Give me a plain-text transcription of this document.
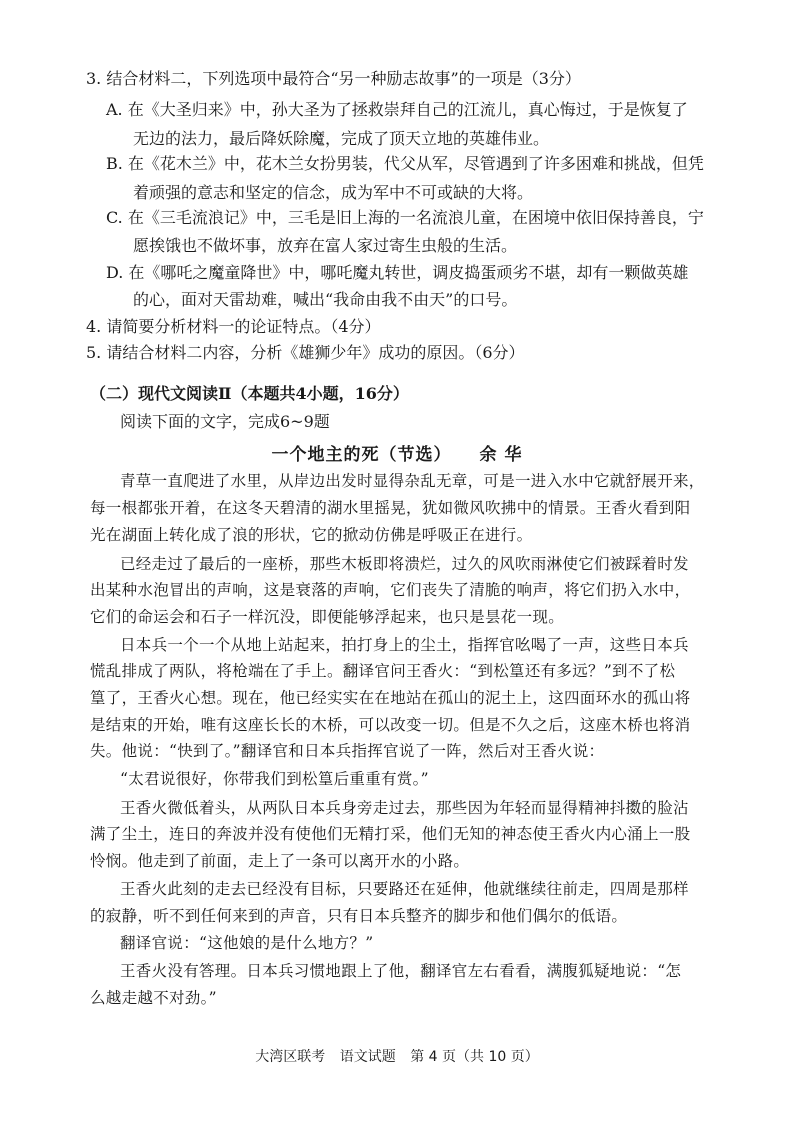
3. 结合材料二，下列选项中最符合“另一种励志故事”的一项是（3分）
A. 在《大圣归来》中，孙大圣为了拯救崇拜自己的江流儿，真心悔过，于是恢复了
无边的法力，最后降妖除魔，完成了顶天立地的英雄伟业。
B. 在《花木兰》中，花木兰女扮男装，代父从军，尽管遇到了许多困难和挑战，但凭
着顽强的意志和坚定的信念，成为军中不可或缺的大将。
C. 在《三毛流浪记》中，三毛是旧上海的一名流浪儿童，在困境中依旧保持善良，宁
愿挨饿也不做坏事，放弃在富人家过寄生虫般的生活。
D. 在《哪吒之魔童降世》中，哪吒魔丸转世，调皮捣蛋顽劣不堪，却有一颗做英雄
的心，面对天雷劫难，喊出“我命由我不由天”的口号。
4. 请简要分析材料一的论证特点。（4分）
5. 请结合材料二内容，分析《雄狮少年》成功的原因。（6分）
（二）现代文阅读Ⅱ（本题共4小题，16分）
阅读下面的文字，完成6~9题
一个地主的死（节选） 余 华
青草一直爬进了水里，从岸边出发时显得杂乱无章，可是一进入水中它就舒展开来，
每一根都张开着，在这冬天碧清的湖水里摇晃，犹如微风吹拂中的情景。王香火看到阳
光在湖面上转化成了浪的形状，它的掀动仿佛是呼吸正在进行。
已经走过了最后的一座桥，那些木板即将溃烂，过久的风吹雨淋使它们被踩着时发
出某种水泡冒出的声响，这是衰落的声响，它们丧失了清脆的响声，将它们扔入水中，
它们的命运会和石子一样沉没，即便能够浮起来，也只是昙花一现。
日本兵一个一个从地上站起来，拍打身上的尘土，指挥官吆喝了一声，这些日本兵
慌乱排成了两队，将枪端在了手上。翻译官问王香火：“到松篁还有多远？”到不了松
篁了，王香火心想。现在，他已经实实在在地站在孤山的泥土上，这四面环水的孤山将
是结束的开始，唯有这座长长的木桥，可以改变一切。但是不久之后，这座木桥也将消
失。他说：“快到了。”翻译官和日本兵指挥官说了一阵，然后对王香火说：
“太君说很好，你带我们到松篁后重重有赏。”
王香火微低着头，从两队日本兵身旁走过去，那些因为年轻而显得精神抖擞的脸沾
满了尘土，连日的奔波并没有使他们无精打采，他们无知的神态使王香火内心涌上一股
怜悯。他走到了前面，走上了一条可以离开水的小路。
王香火此刻的走去已经没有目标，只要路还在延伸，他就继续往前走，四周是那样
的寂静，听不到任何来到的声音，只有日本兵整齐的脚步和他们偶尔的低语。
翻译官说：“这他娘的是什么地方？”
王香火没有答理。日本兵习惯地跟上了他，翻译官左右看看，满腹狐疑地说：“怎
么越走越不对劲。”
大湾区联考 语文试题 第 4 页（共 10 页）
